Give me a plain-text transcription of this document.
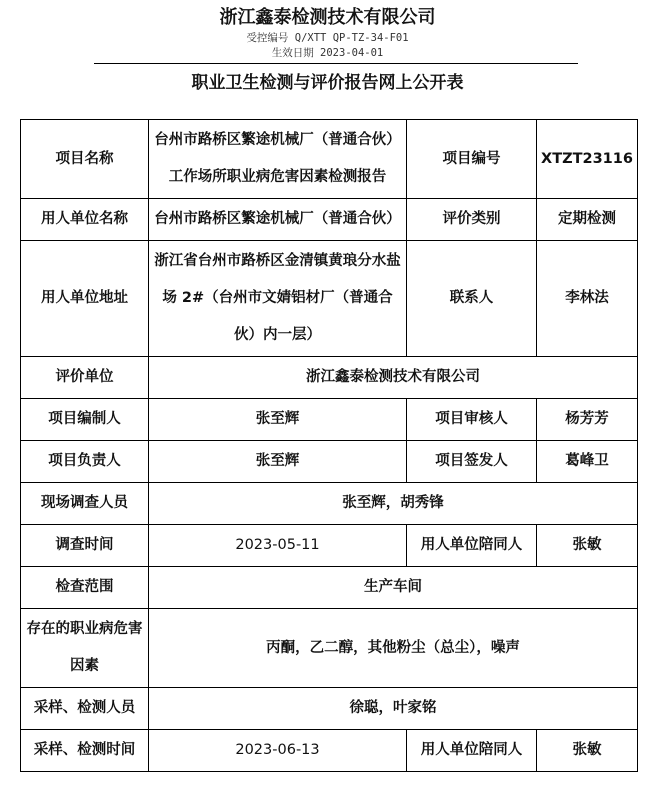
浙江鑫泰检测技术有限公司
受控编号 Q/XTT QP-TZ-34-F01
生效日期 2023-04-01
职业卫生检测与评价报告网上公开表
项目名称	台州市路桥区繁途机械厂（普通合伙）工作场所职业病危害因素检测报告	项目编号	XTZT23116
用人单位名称	台州市路桥区繁途机械厂（普通合伙）	评价类别	定期检测
用人单位地址	浙江省台州市路桥区金清镇黄琅分水盐场 2#（台州市文婧铝材厂（普通合伙）内一层）	联系人	李林法
评价单位	浙江鑫泰检测技术有限公司		
项目编制人	张至辉	项目审核人	杨芳芳
项目负责人	张至辉	项目签发人	葛峰卫
现场调查人员	张至辉，胡秀锋		
调查时间	2023-05-11	用人单位陪同人	张敏
检查范围	生产车间		
存在的职业病危害因素	丙酮，乙二醇，其他粉尘（总尘），噪声		
采样、检测人员	徐聪，叶家铭		
采样、检测时间	2023-06-13	用人单位陪同人	张敏
